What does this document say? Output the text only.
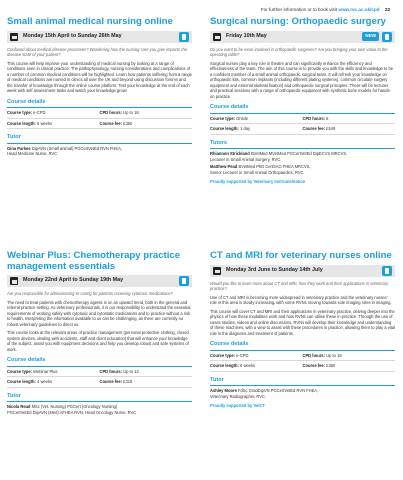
For further information or to book visit www.rvc.ac.uk/cpd 23
Small animal medical nursing online
Monday 15th April to Sunday 26th May
Confused about medical disease processes? Wondering how the nursing care you give impacts the disease state of your patient?
This course will help improve your understanding of medical nursing by looking at a range of conditions seen in clinical practice. The pathophysiology, nursing considerations and complications of a number of common medical conditions will be highlighted. Learn how patients suffering from a range of medical conditions are nursed in clinics all over the UK and beyond using discussion forums and the transfer of knowledge through the online course platform. Test your knowledge at the end of each week with self assessment tasks and watch your knowledge grow!
Course details
Course type: e-CPD	CPD hours: Up to 18
Course length: 6 weeks	Course fee: £350
Tutor
Gina Parkes DipAVN (Small animal) PGCertVetEd RVN FHEA,
Head Medicine Nurse, RVC
Surgical nursing: Orthopaedic surgery
Friday 10th May	NEW
Do you want to be more involved in orthopaedic surgeries? Are you bringing your own value to the operating table?
Surgical nurses play a key role in theatre and can significantly enhance the efficiency and effectiveness of the team. The aim of this course is to provide you with the skills and knowledge to be a confident member of a small animal orthopaedic surgical team. It will refresh your knowledge on orthopaedic kits, common implants (including different plating systems), common circulate surgery equipment and external skeletal fixation) and orthopaedic surgical principles. There will be lectures and practical sessions with a range of orthopaedic equipment with synthetic bone models for hands-on practice.
Course details
Course type: Onsite	CPD hours: 8
Course length: 1 day	Course fee: £549
Tutors
Rhiannon Strickland BVetMed MVetMed PGCertVetEd DipECVS MRCVS,
Lecturer in Small Animal Surgery, RVC
Matthew Pead BVetMed PhD CertSAO FHEA MRCVS,
Senior Lecturer in Small Animal Orthopaedics, RVC
Proudly supported by Veterinary Instrumentation
Webinar Plus: Chemotherapy practice management essentials
Monday 22nd April to Sunday 19th May
Are you responsible for administering or caring for patients receiving cytotoxic medications?
The need to treat patients with chemotherapy agents is on an upward trend, both in the general and referral practice setting. As veterinary professionals, it is our responsibility to understand the essential requirements of working safely with cytotoxic and cytostatic medications and to practice without a risk to health. Interpreting the information available to us can be challenging, as there are currently no robust veterinary guidelines to direct us.
This course looks at the relevant areas of practice management (personal protective clothing, closed system devices, dealing with accidents, staff and client education) that will enhance your knowledge of the subject, assist you with equipment decisions and help you develop robust and safe systems of work.
Course details
Course type: Webinar Plus	CPD hours: Up to 12
Course length: 4 weeks	Course fee: £315
Tutor
Nicola Read MSc (Vet. Nursing) PGCert (Oncology Nursing)
PGCertVetEd DipAVN (Med) AFHEA RVN, Head Oncology Nurse, RVC
CT and MRI for veterinary nurses online
Monday 3rd June to Sunday 14th July
Would you like to learn more about CT and MRI, how they work and their applications in veterinary practice?
Use of CT and MRI is becoming more widespread in veterinary practice and the veterinary nurses' role in this area is slowly increasing, with some RVNs moving towards sole imaging roles in imaging.
This course will cover CT and MRI and their applications in veterinary practice, delving deeper into the physics of how these modalities work and how RVNs can utilise these in practice. Through the use of cases studies, videos and online discussions, RVNs will develop their knowledge and understanding of these machines, with a view to assist with these procedures in practice, allowing them to play a vital role in the diagnosis and treatment of patients.
Course details
Course type: e-CPD	CPD hours: Up to 18
Course length: 6 weeks	Course fee: £350
Tutor
Ashley Moore FdSc GradDipVN PGCertVetEd RVN FHEA,
Veterinary Radiographer, RVC
Proudly supported by VetCT
